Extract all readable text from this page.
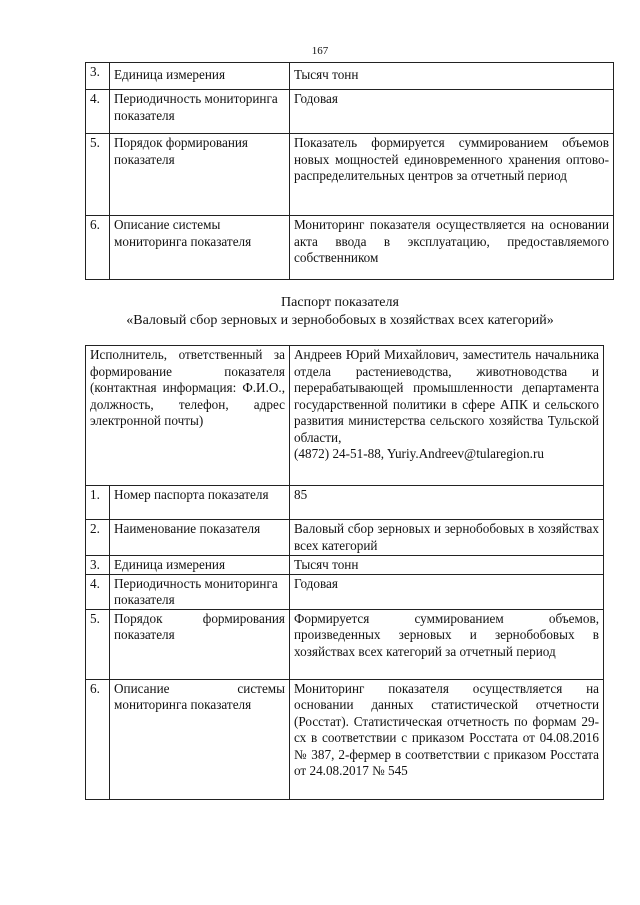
167
3.	Единица измерения	Тысяч тонн
4.	Периодичность мониторинга показателя	Годовая
5.	Порядок формирования показателя	Показатель формируется суммированием объемов новых мощностей единовременного хранения оптово-распределительных центров за отчетный период
6.	Описание системы мониторинга показателя	Мониторинг показателя осуществляется на основании акта ввода в эксплуатацию, предоставляемого собственником
Паспорт показателя
«Валовый сбор зерновых и зернобобовых в хозяйствах всех категорий»
Исполнитель, ответственный за формирование показателя (контактная информация: Ф.И.О., должность, телефон, адрес электронной почты)		Андреев Юрий Михайлович, заместитель начальника отдела растениеводства, животноводства и перерабатывающей промышленности департамента государственной политики в сфере АПК и сельского развития министерства сельского хозяйства Тульской области,
(4872) 24-51-88, Yuriy.Andreev@tularegion.ru

1.	Номер паспорта показателя	85
2.	Наименование показателя	Валовый сбор зерновых и зернобобовых в хозяйствах всех категорий
3.	Единица измерения	Тысяч тонн
4.	Периодичность мониторинга показателя	Годовая
5.	Порядок формирования показателя	Формируется суммированием объемов, произведенных зерновых и зернобобовых в хозяйствах всех категорий за отчетный период
6.	Описание системы мониторинга показателя	Мониторинг показателя осуществляется на основании данных статистической отчетности (Росстат). Статистическая отчетность по формам 29-сх в соответствии с приказом Росстата от 04.08.2016 № 387, 2-фермер в соответствии с приказом Росстата от 24.08.2017 № 545
